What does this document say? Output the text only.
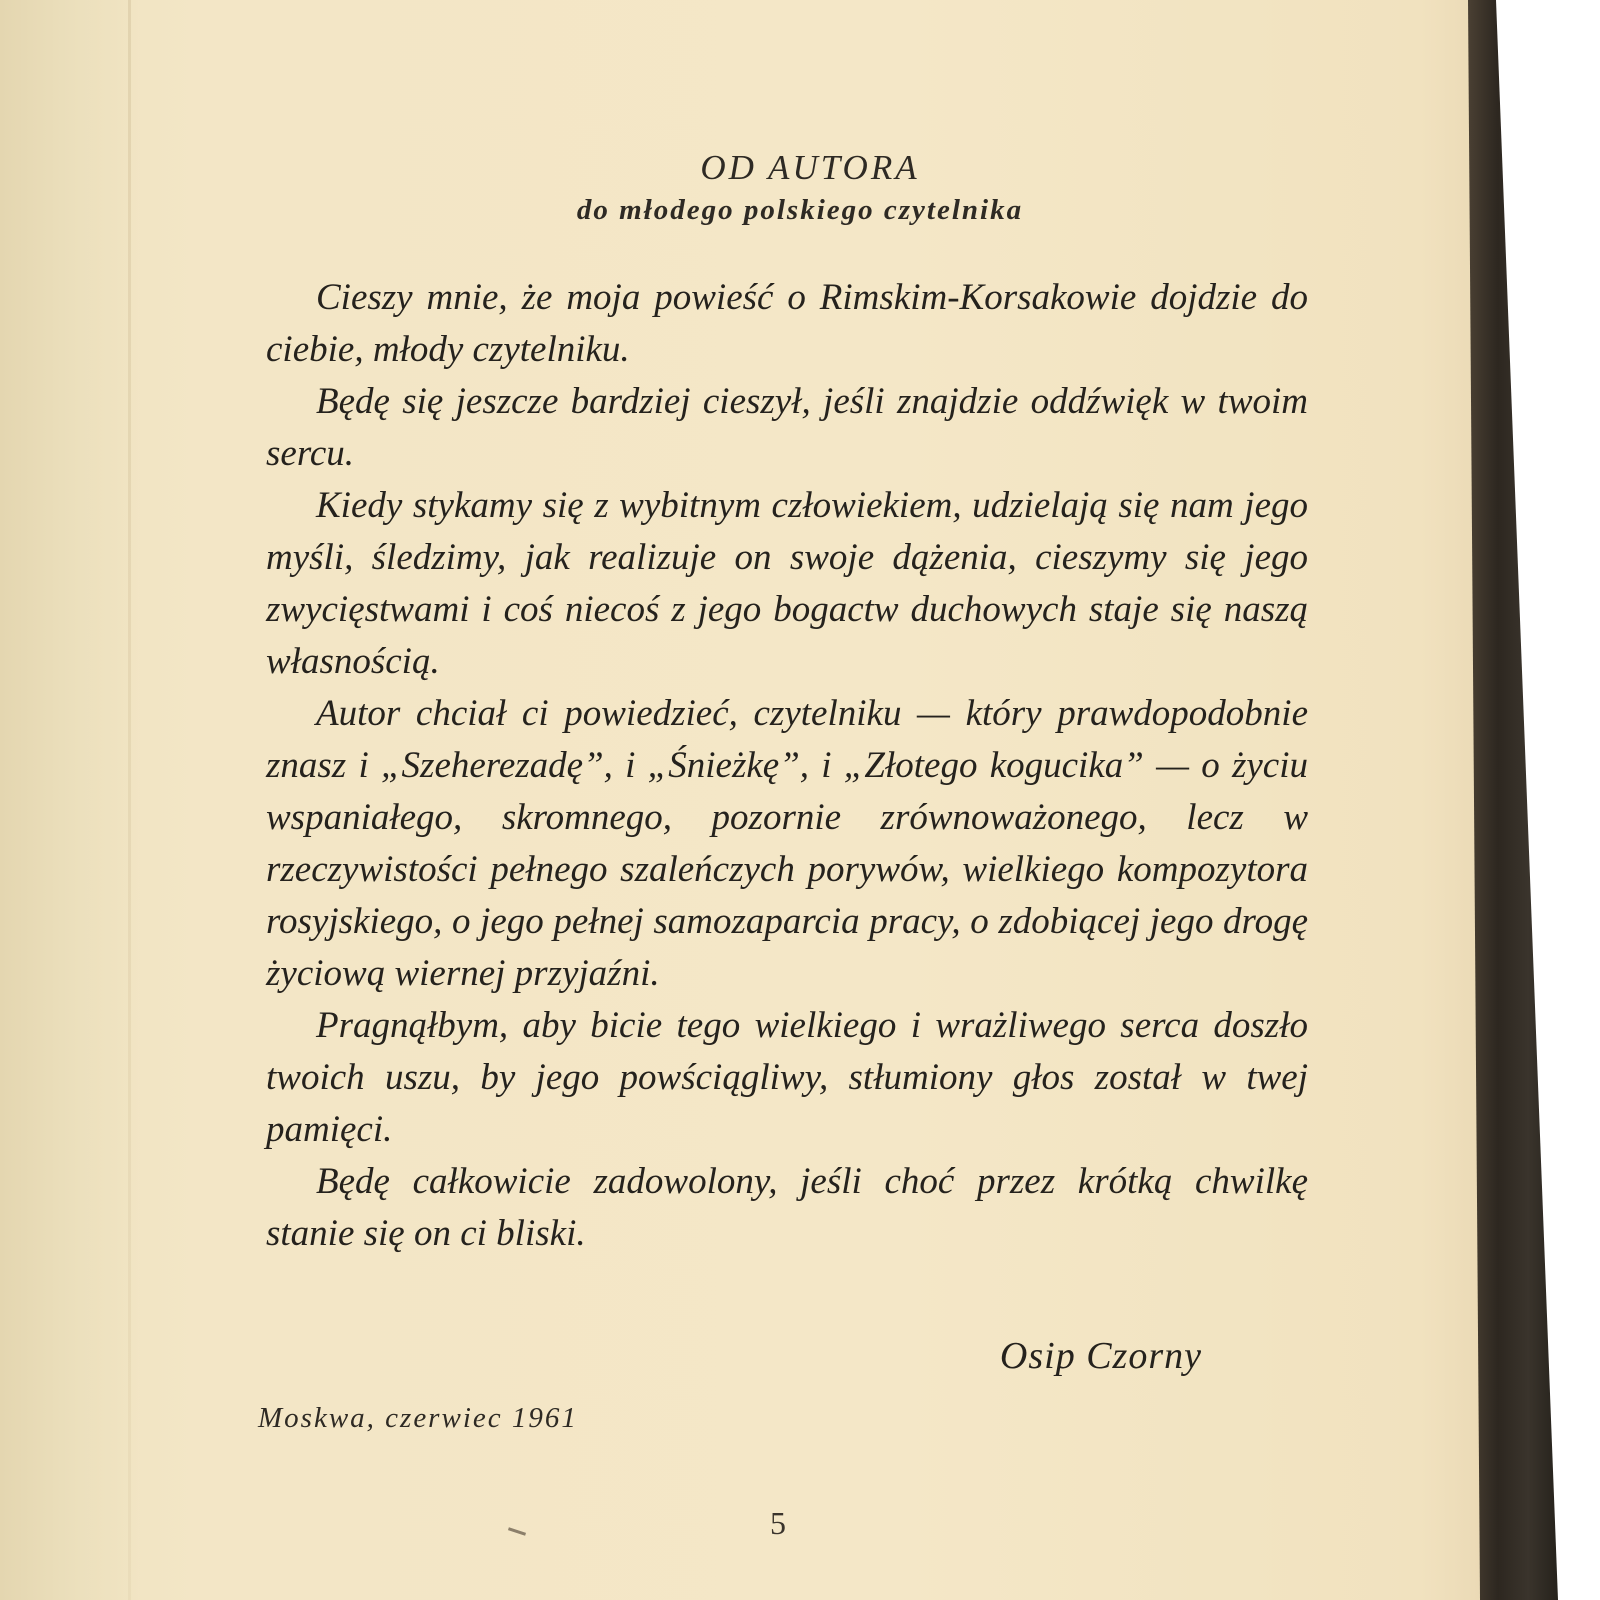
OD AUTORA
do młodego polskiego czytelnika

Cieszy mnie, że moja powieść o Rimskim-Korsakowie dojdzie do ciebie, młody czytelniku.

Będę się jeszcze bardziej cieszył, jeśli znajdzie oddźwięk w twoim sercu.

Kiedy stykamy się z wybitnym człowiekiem, udzielają się nam jego myśli, śledzimy, jak realizuje on swoje dążenia, cieszymy się jego zwycięstwami i coś niecoś z jego bogactw duchowych staje się naszą własnością.

Autor chciał ci powiedzieć, czytelniku — który prawdopodobnie znasz i „Szeherezadę”, i „Śnieżkę”, i „Złotego kogucika” — o życiu wspaniałego, skromnego, pozornie zrównoważonego, lecz w rzeczywistości pełnego szaleńczych porywów, wielkiego kompozytora rosyjskiego, o jego pełnej samozaparcia pracy, o zdobiącej jego drogę życiową wiernej przyjaźni.

Pragnąłbym, aby bicie tego wielkiego i wrażliwego serca doszło twoich uszu, by jego powściągliwy, stłumiony głos został w twej pamięci.

Będę całkowicie zadowolony, jeśli choć przez krótką chwilkę stanie się on ci bliski.

Osip Czorny
Moskwa, czerwiec 1961
5
